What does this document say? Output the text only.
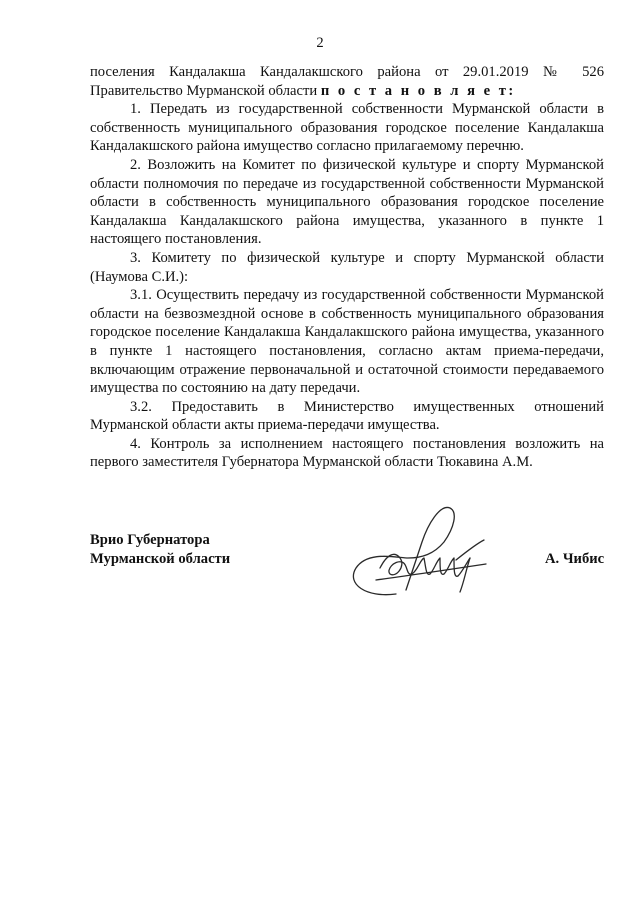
2

поселения Кандалакша Кандалакшского района от 29.01.2019 № 526 Правительство Мурманской области п о с т а н о в л я е т:

1. Передать из государственной собственности Мурманской области в собственность муниципального образования городское поселение Кандалакша Кандалакшского района имущество согласно прилагаемому перечню.

2. Возложить на Комитет по физической культуре и спорту Мурманской области полномочия по передаче из государственной собственности Мурманской области в собственность муниципального образования городское поселение Кандалакша Кандалакшского района имущества, указанного в пункте 1 настоящего постановления.

3. Комитету по физической культуре и спорту Мурманской области (Наумова С.И.):

3.1. Осуществить передачу из государственной собственности Мурманской области на безвозмездной основе в собственность муниципального образования городское поселение Кандалакша Кандалакшского района имущества, указанного в пункте 1 настоящего постановления, согласно актам приема-передачи, включающим отражение первоначальной и остаточной стоимости передаваемого имущества по состоянию на дату передачи.

3.2. Предоставить в Министерство имущественных отношений Мурманской области акты приема-передачи имущества.

4. Контроль за исполнением настоящего постановления возложить на первого заместителя Губернатора Мурманской области Тюкавина А.М.

Врио Губернатора
Мурманской области	А. Чибис
